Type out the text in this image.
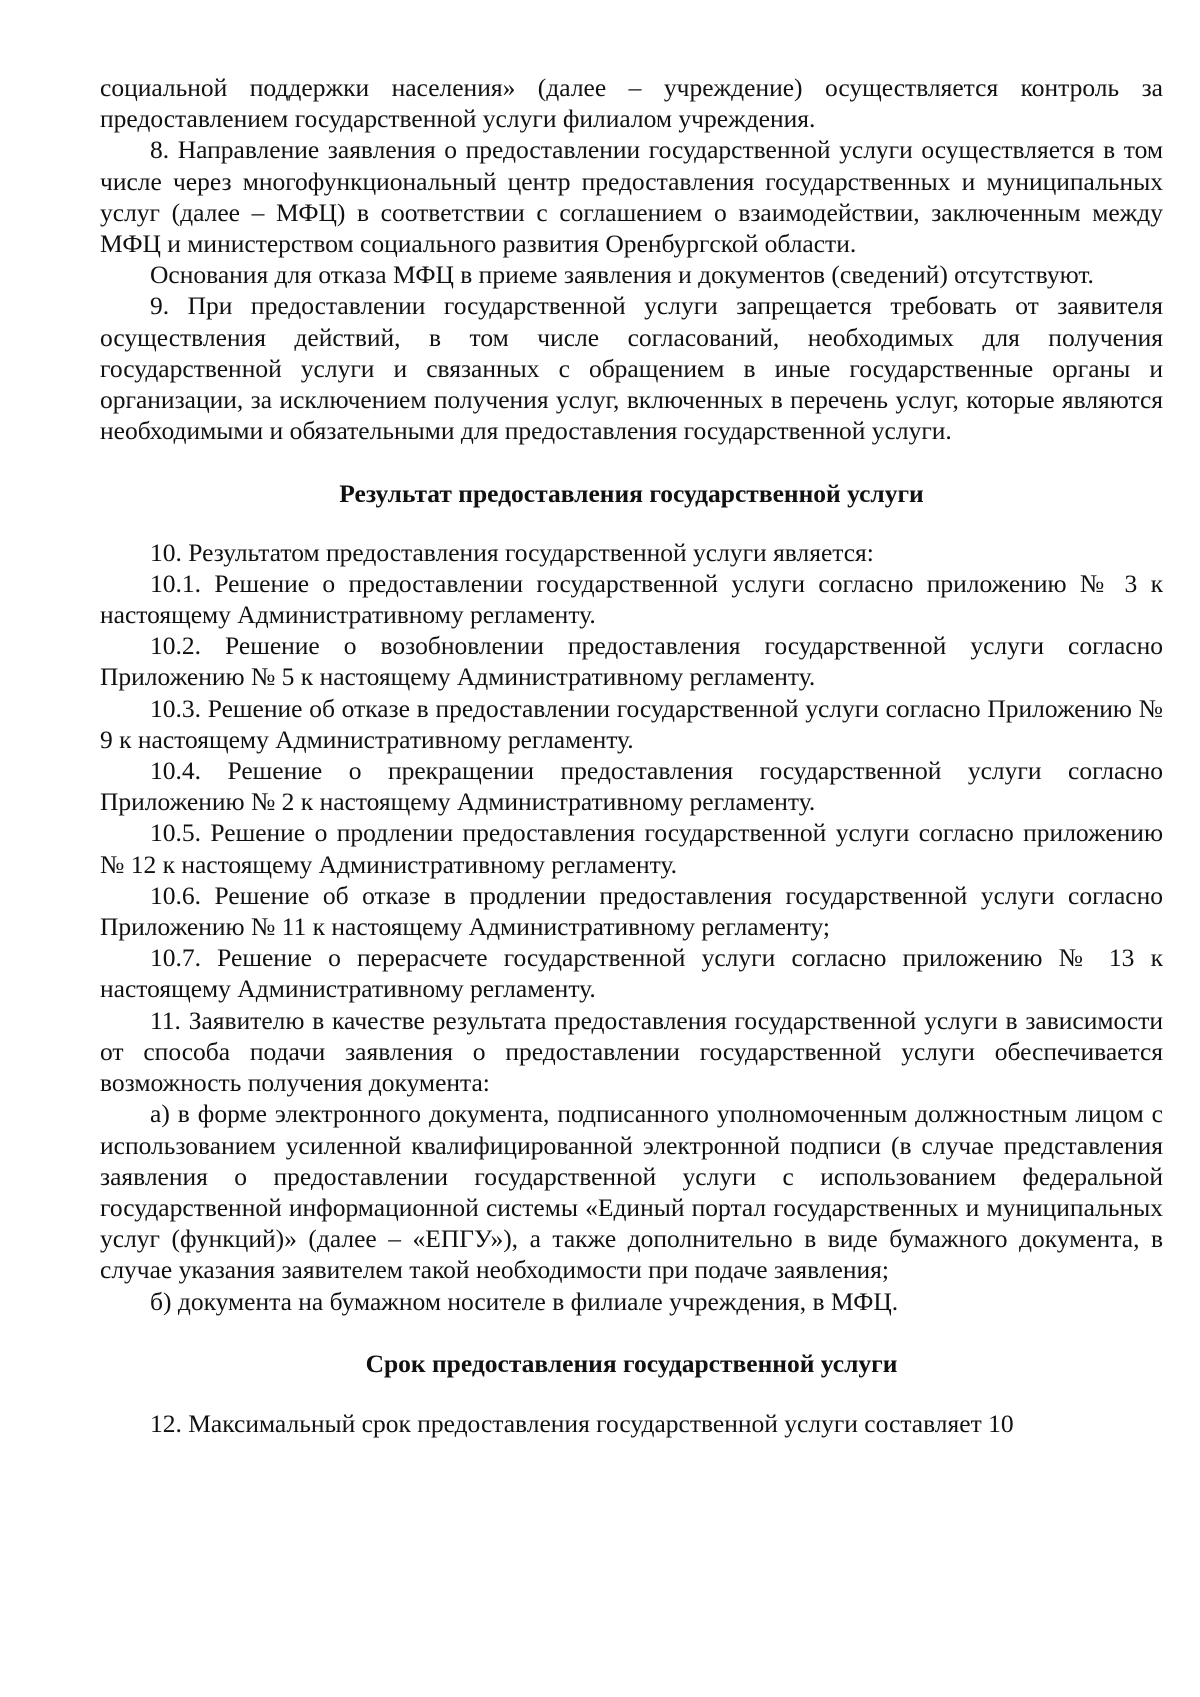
социальной поддержки населения» (далее – учреждение) осуществляется контроль за предоставлением государственной услуги филиалом учреждения.

8. Направление заявления о предоставлении государственной услуги осуществляется в том числе через многофункциональный центр предоставления государственных и муниципальных услуг (далее – МФЦ) в соответствии с соглашением о взаимодействии, заключенным между МФЦ и министерством социального развития Оренбургской области.

Основания для отказа МФЦ в приеме заявления и документов (сведений) отсутствуют.

9. При предоставлении государственной услуги запрещается требовать от заявителя осуществления действий, в том числе согласований, необходимых для получения государственной услуги и связанных с обращением в иные государственные органы и организации, за исключением получения услуг, включенных в перечень услуг, которые являются необходимыми и обязательными для предоставления государственной услуги.

Результат предоставления государственной услуги

10. Результатом предоставления государственной услуги является:

10.1. Решение о предоставлении государственной услуги согласно приложению № 3 к настоящему Административному регламенту.

10.2. Решение о возобновлении предоставления государственной услуги согласно Приложению № 5 к настоящему Административному регламенту.

10.3. Решение об отказе в предоставлении государственной услуги согласно Приложению № 9 к настоящему Административному регламенту.

10.4. Решение о прекращении предоставления государственной услуги согласно Приложению № 2 к настоящему Административному регламенту.

10.5. Решение о продлении предоставления государственной услуги согласно приложению № 12 к настоящему Административному регламенту.

10.6. Решение об отказе в продлении предоставления государственной услуги согласно Приложению № 11 к настоящему Административному регламенту;

10.7. Решение о перерасчете государственной услуги согласно приложению № 13 к настоящему Административному регламенту.

11. Заявителю в качестве результата предоставления государственной услуги в зависимости от способа подачи заявления о предоставлении государственной услуги обеспечивается возможность получения документа:

а) в форме электронного документа, подписанного уполномоченным должностным лицом с использованием усиленной квалифицированной электронной подписи (в случае представления заявления о предоставлении государственной услуги с использованием федеральной государственной информационной системы «Единый портал государственных и муниципальных услуг (функций)» (далее – «ЕПГУ»), а также дополнительно в виде бумажного документа, в случае указания заявителем такой необходимости при подаче заявления;

б) документа на бумажном носителе в филиале учреждения, в МФЦ.

Срок предоставления государственной услуги

12. Максимальный срок предоставления государственной услуги составляет 10
